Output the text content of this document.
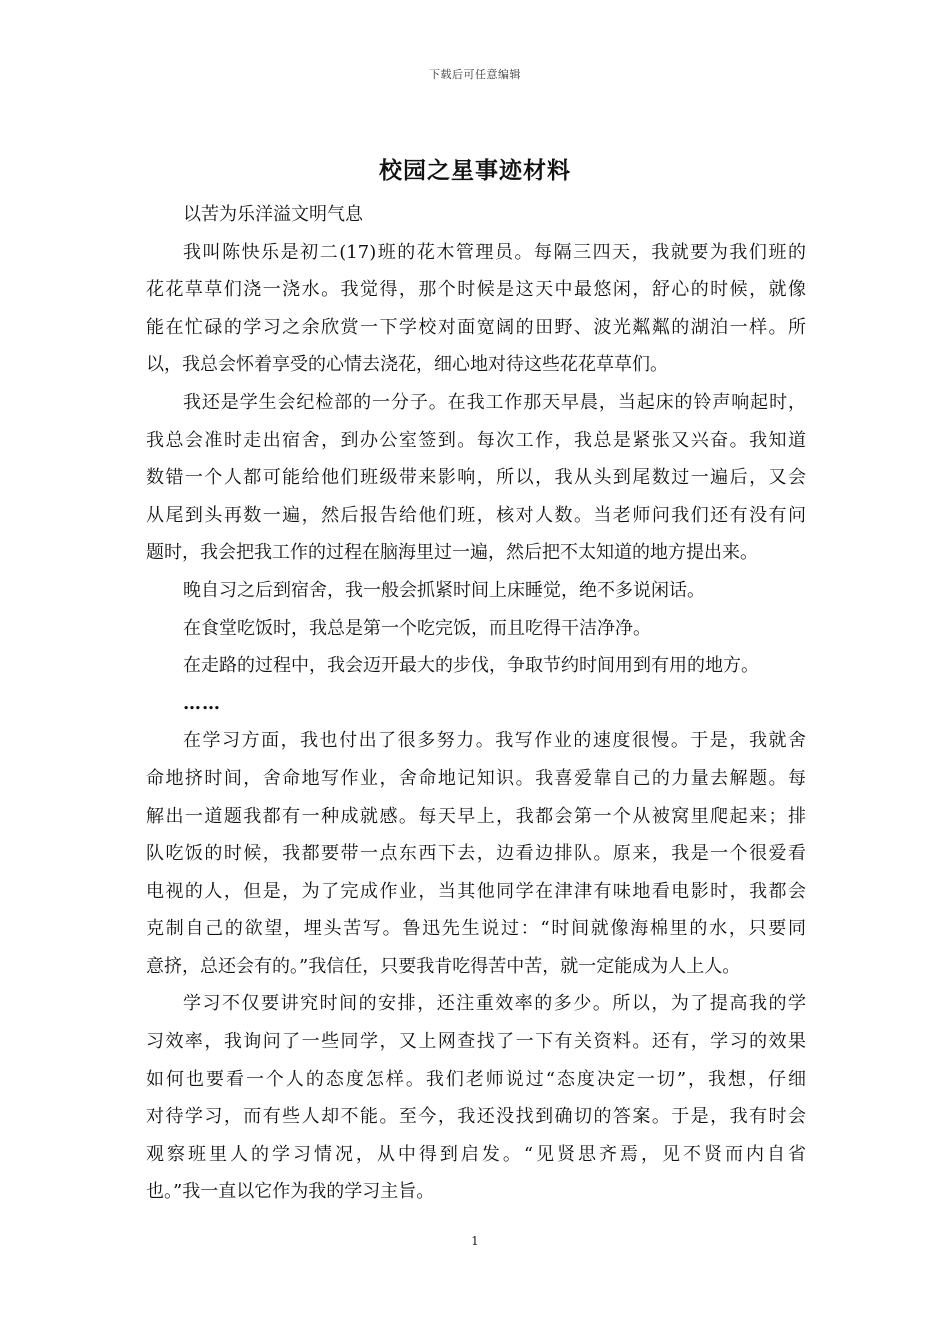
下载后可任意编辑
校园之星事迹材料
以苦为乐洋溢文明气息
我叫陈快乐是初二(17)班的花木管理员。每隔三四天，我就要为我们班的
花花草草们浇一浇水。我觉得，那个时候是这天中最悠闲，舒心的时候，就像
能在忙碌的学习之余欣赏一下学校对面宽阔的田野、波光粼粼的湖泊一样。所
以，我总会怀着享受的心情去浇花，细心地对待这些花花草草们。
我还是学生会纪检部的一分子。在我工作那天早晨，当起床的铃声响起时，
我总会准时走出宿舍，到办公室签到。每次工作，我总是紧张又兴奋。我知道
数错一个人都可能给他们班级带来影响，所以，我从头到尾数过一遍后，又会
从尾到头再数一遍，然后报告给他们班，核对人数。当老师问我们还有没有问
题时，我会把我工作的过程在脑海里过一遍，然后把不太知道的地方提出来。
晚自习之后到宿舍，我一般会抓紧时间上床睡觉，绝不多说闲话。
在食堂吃饭时，我总是第一个吃完饭，而且吃得干洁净净。
在走路的过程中，我会迈开最大的步伐，争取节约时间用到有用的地方。
……
在学习方面，我也付出了很多努力。我写作业的速度很慢。于是，我就舍
命地挤时间，舍命地写作业，舍命地记知识。我喜爱靠自己的力量去解题。每
解出一道题我都有一种成就感。每天早上，我都会第一个从被窝里爬起来；排
队吃饭的时候，我都要带一点东西下去，边看边排队。原来，我是一个很爱看
电视的人，但是，为了完成作业，当其他同学在津津有味地看电影时，我都会
克制自己的欲望，埋头苦写。鲁迅先生说过：“时间就像海棉里的水，只要同
意挤，总还会有的。”我信任，只要我肯吃得苦中苦，就一定能成为人上人。
学习不仅要讲究时间的安排，还注重效率的多少。所以，为了提高我的学
习效率，我询问了一些同学，又上网查找了一下有关资料。还有，学习的效果
如何也要看一个人的态度怎样。我们老师说过“态度决定一切”，我想，仔细
对待学习，而有些人却不能。至今，我还没找到确切的答案。于是，我有时会
观察班里人的学习情况，从中得到启发。“见贤思齐焉，见不贤而内自省
也。”我一直以它作为我的学习主旨。
1
